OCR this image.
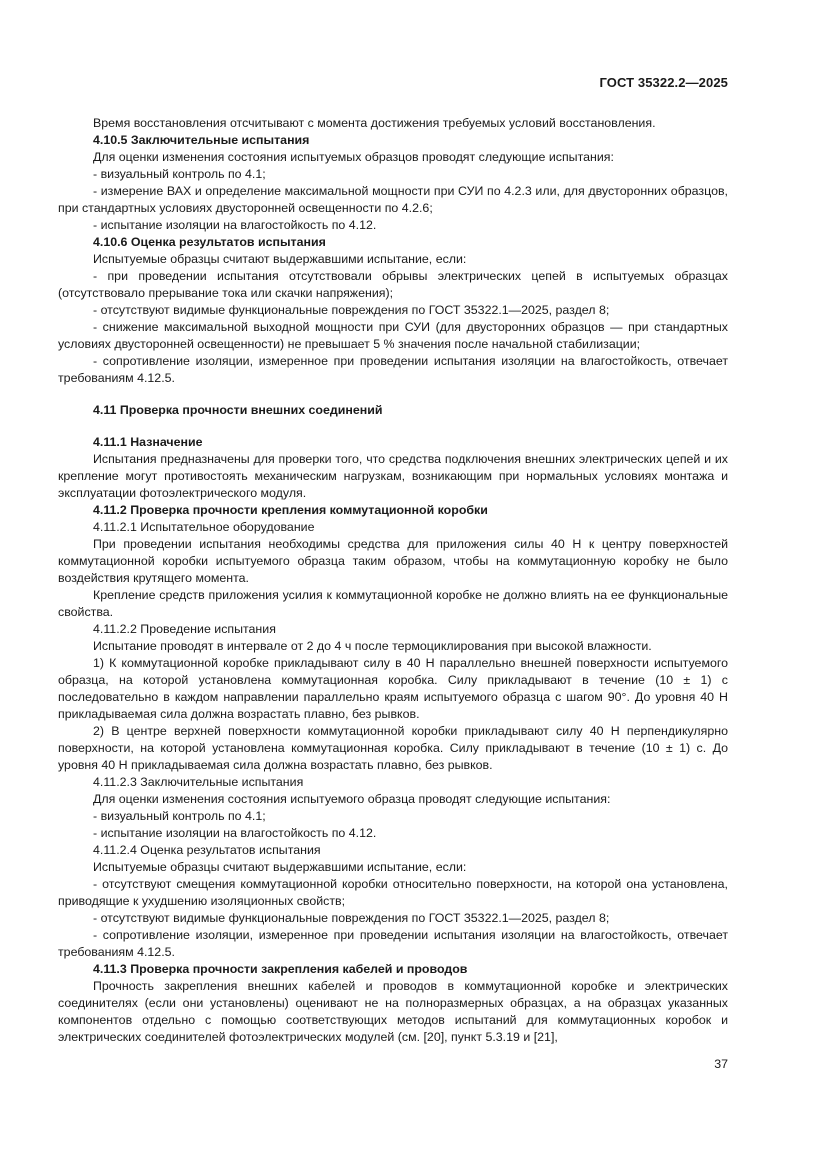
ГОСТ 35322.2—2025

Время восстановления отсчитывают с момента достижения требуемых условий восстановления.

4.10.5 Заключительные испытания

Для оценки изменения состояния испытуемых образцов проводят следующие испытания:

- визуальный контроль по 4.1;

- измерение ВАХ и определение максимальной мощности при СУИ по 4.2.3 или, для двусторонних образцов, при стандартных условиях двусторонней освещенности по 4.2.6;

- испытание изоляции на влагостойкость по 4.12.

4.10.6 Оценка результатов испытания

Испытуемые образцы считают выдержавшими испытание, если:

- при проведении испытания отсутствовали обрывы электрических цепей в испытуемых образцах (отсутствовало прерывание тока или скачки напряжения);

- отсутствуют видимые функциональные повреждения по ГОСТ 35322.1—2025, раздел 8;

- снижение максимальной выходной мощности при СУИ (для двусторонних образцов — при стандартных условиях двусторонней освещенности) не превышает 5 % значения после начальной стабилизации;

- сопротивление изоляции, измеренное при проведении испытания изоляции на влагостойкость, отвечает требованиям 4.12.5.

4.11 Проверка прочности внешних соединений

4.11.1 Назначение

Испытания предназначены для проверки того, что средства подключения внешних электрических цепей и их крепление могут противостоять механическим нагрузкам, возникающим при нормальных условиях монтажа и эксплуатации фотоэлектрического модуля.

4.11.2 Проверка прочности крепления коммутационной коробки

4.11.2.1 Испытательное оборудование

При проведении испытания необходимы средства для приложения силы 40 Н к центру поверхностей коммутационной коробки испытуемого образца таким образом, чтобы на коммутационную коробку не было воздействия крутящего момента.

Крепление средств приложения усилия к коммутационной коробке не должно влиять на ее функциональные свойства.

4.11.2.2 Проведение испытания

Испытание проводят в интервале от 2 до 4 ч после термоциклирования при высокой влажности.

1) К коммутационной коробке прикладывают силу в 40 Н параллельно внешней поверхности испытуемого образца, на которой установлена коммутационная коробка. Силу прикладывают в течение (10 ± 1) с последовательно в каждом направлении параллельно краям испытуемого образца с шагом 90°. До уровня 40 Н прикладываемая сила должна возрастать плавно, без рывков.

2) В центре верхней поверхности коммутационной коробки прикладывают силу 40 Н перпендикулярно поверхности, на которой установлена коммутационная коробка. Силу прикладывают в течение (10 ± 1) с. До уровня 40 Н прикладываемая сила должна возрастать плавно, без рывков.

4.11.2.3 Заключительные испытания

Для оценки изменения состояния испытуемого образца проводят следующие испытания:

- визуальный контроль по 4.1;

- испытание изоляции на влагостойкость по 4.12.

4.11.2.4 Оценка результатов испытания

Испытуемые образцы считают выдержавшими испытание, если:

- отсутствуют смещения коммутационной коробки относительно поверхности, на которой она установлена, приводящие к ухудшению изоляционных свойств;

- отсутствуют видимые функциональные повреждения по ГОСТ 35322.1—2025, раздел 8;

- сопротивление изоляции, измеренное при проведении испытания изоляции на влагостойкость, отвечает требованиям 4.12.5.

4.11.3 Проверка прочности закрепления кабелей и проводов

Прочность закрепления внешних кабелей и проводов в коммутационной коробке и электрических соединителях (если они установлены) оценивают не на полноразмерных образцах, а на образцах указанных компонентов отдельно с помощью соответствующих методов испытаний для коммутационных коробок и электрических соединителей фотоэлектрических модулей (см. [20], пункт 5.3.19 и [21],

37
